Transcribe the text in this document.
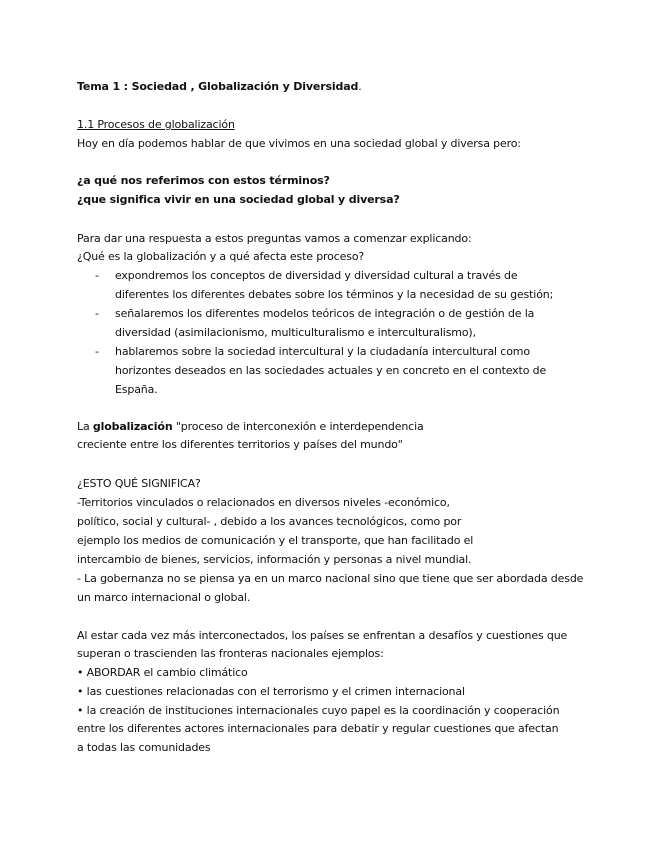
Tema 1 : Sociedad , Globalización y Diversidad.
1.1 Procesos de globalización
Hoy en día podemos hablar de que vivimos en una sociedad global y diversa pero:
¿a qué nos referimos con estos términos?
¿que significa vivir en una sociedad global y diversa?
Para dar una respuesta a estos preguntas vamos a comenzar explicando:
¿Qué es la globalización y a qué afecta este proceso?
- expondremos los conceptos de diversidad y diversidad cultural a través de
diferentes los diferentes debates sobre los términos y la necesidad de su gestión;
- señalaremos los diferentes modelos teóricos de integración o de gestión de la
diversidad (asimilacionismo, multiculturalismo e interculturalismo),
- hablaremos sobre la sociedad intercultural y la ciudadanía intercultural como
horizontes deseados en las sociedades actuales y en concreto en el contexto de
España.
La globalización "proceso de interconexión e interdependencia
creciente entre los diferentes territorios y países del mundo"
¿ESTO QUÉ SIGNIFICA?
-Territorios vinculados o relacionados en diversos niveles -económico,
político, social y cultural- , debido a los avances tecnológicos, como por
ejemplo los medios de comunicación y el transporte, que han facilitado el
intercambio de bienes, servicios, información y personas a nivel mundial.
- La gobernanza no se piensa ya en un marco nacional sino que tiene que ser abordada desde
un marco internacional o global.
Al estar cada vez más interconectados, los países se enfrentan a desafíos y cuestiones que
superan o trascienden las fronteras nacionales ejemplos:
• ABORDAR el cambio climático
• las cuestiones relacionadas con el terrorismo y el crimen internacional
• la creación de instituciones internacionales cuyo papel es la coordinación y cooperación
entre los diferentes actores internacionales para debatir y regular cuestiones que afectan
a todas las comunidades
